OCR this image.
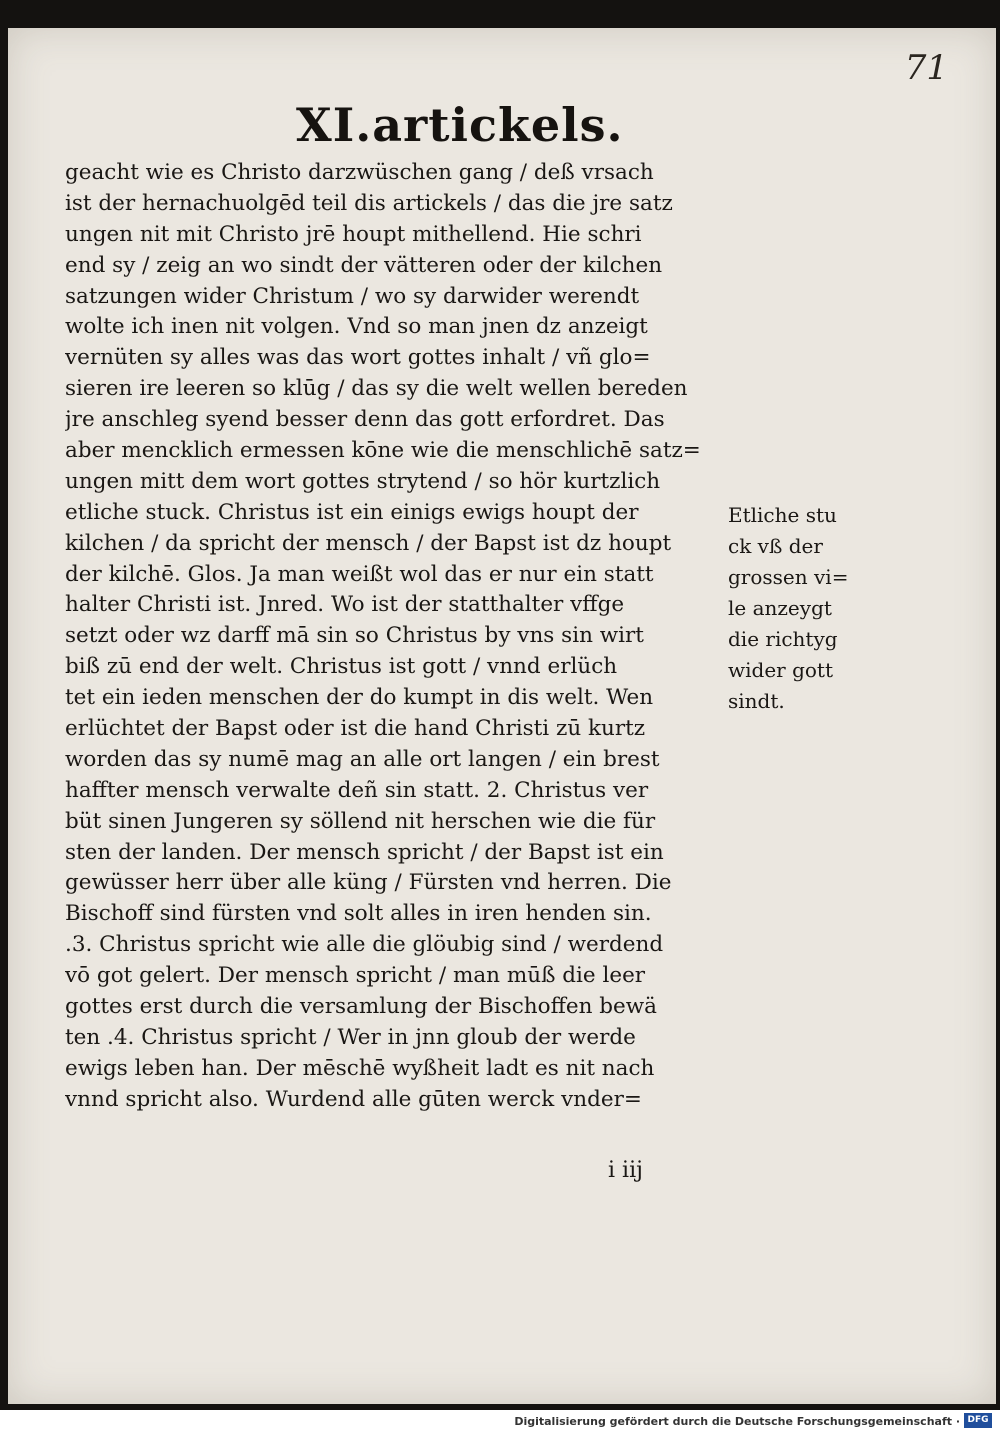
71
XI.artickels.
geacht wie es Christo darzwüschen gang / deß vrsach
ist der hernachuolgēd teil dis artickels / das die jre satz
ungen nit mit Christo jrē houpt mithellend. Hie schri
end sy / zeig an wo sindt der vätteren oder der kilchen
satzungen wider Christum / wo sy darwider werendt
wolte ich inen nit volgen. Vnd so man jnen dz anzeigt
vernüten sy alles was das wort gottes inhalt / vñ glo=
sieren ire leeren so klūg / das sy die welt wellen bereden
jre anschleg syend besser denn das gott erfordret. Das
aber mencklich ermessen kōne wie die menschlichē satz=
ungen mitt dem wort gottes strytend / so hör kurtzlich
etliche stuck. Christus ist ein einigs ewigs houpt der
kilchen / da spricht der mensch / der Bapst ist dz houpt
der kilchē. Glos. Ja man weißt wol das er nur ein statt
halter Christi ist. Jnred. Wo ist der statthalter vffge
setzt oder wz darff mā sin so Christus by vns sin wirt
biß zū end der welt. Christus ist gott / vnnd erlüch
tet ein ieden menschen der do kumpt in dis welt. Wen
erlüchtet der Bapst oder ist die hand Christi zū kurtz
worden das sy numē mag an alle ort langen / ein brest
haffter mensch verwalte deñ sin statt. 2. Christus ver
büt sinen Jungeren sy söllend nit herschen wie die für
sten der landen. Der mensch spricht / der Bapst ist ein
gewüsser herr über alle küng / Fürsten vnd herren. Die
Bischoff sind fürsten vnd solt alles in iren henden sin.
.3. Christus spricht wie alle die glöubig sind / werdend
vō got gelert. Der mensch spricht / man mūß die leer
gottes erst durch die versamlung der Bischoffen bewä
ten .4. Christus spricht / Wer in jnn gloub der werde
ewigs leben han. Der mēschē wyßheit ladt es nit nach
vnnd spricht also. Wurdend alle gūten werck vnder=
Etliche stu
ck vß der
grossen vi=
le anzeygt
die richtyg
wider gott
sindt.
i iij
Digitalisierung gefördert durch die Deutsche Forschungsgemeinschaft · DFG
